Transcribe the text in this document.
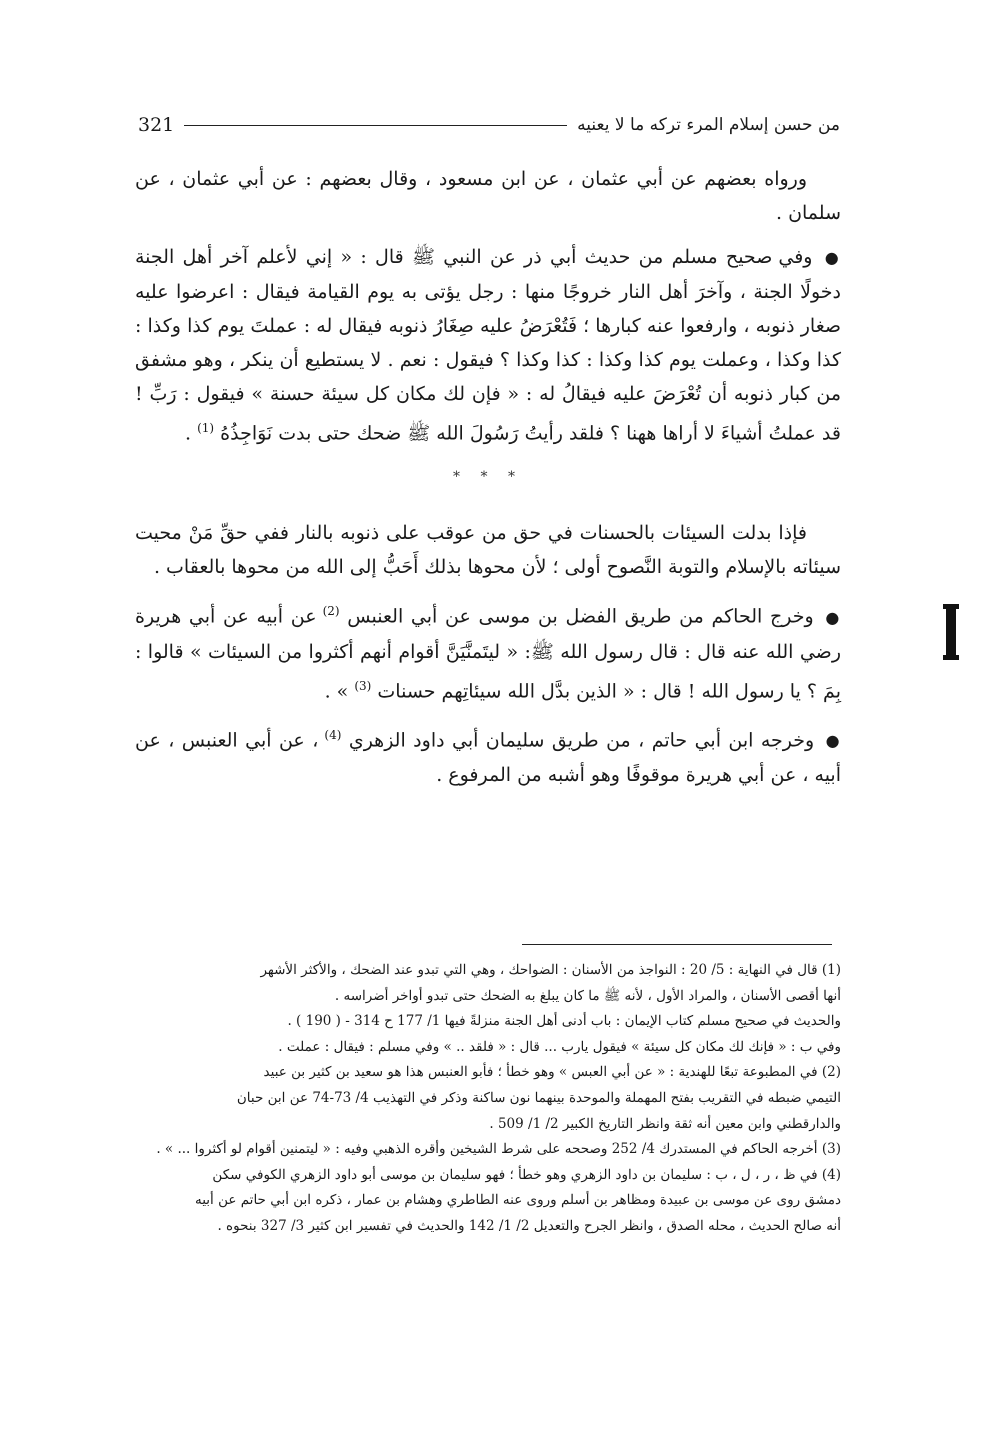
من حسن إسلام المرء تركه ما لا يعنيه
321

ورواه بعضهم عن أبي عثمان ، عن ابن مسعود ، وقال بعضهم : عن أبي عثمان ، عن سلمان .

● وفي صحيح مسلم من حديث أبي ذر عن النبي ﷺ قال : « إني لأعلم آخر أهل الجنة دخولًا الجنة ، وآخرَ أهل النار خروجًا منها : رجل يؤتى به يوم القيامة فيقال : اعرضوا عليه صغار ذنوبه ، وارفعوا عنه كبارها ؛ فَتُعْرَضُ عليه صِغَارُ ذنوبه فيقال له : عملتَ يوم كذا وكذا : كذا وكذا ، وعملت يوم كذا وكذا : كذا وكذا ؟ فيقول : نعم . لا يستطيع أن ينكر ، وهو مشفق من كبار ذنوبه أن تُعْرَضَ عليه فيقالُ له : « فإن لك مكان كل سيئة حسنة » فيقول : رَبِّ ! قد عملتُ أشياءَ لا أراها ههنا ؟ فلقد رأيتُ رَسُولَ الله ﷺ ضحك حتى بدت نَوَاجِذُهُ $^{(1)}$ .

* * *

فإذا بدلت السيئات بالحسنات في حق من عوقب على ذنوبه بالنار ففي حقِّ مَنْ محيت سيئاته بالإسلام والتوبة النَّصوح أولى ؛ لأن محوها بذلك أَحَبُّ إلى الله من محوها بالعقاب .

● وخرج الحاكم من طريق الفضل بن موسى عن أبي العنبس $^{(2)}$ عن أبيه عن أبي هريرة رضي الله عنه قال : قال رسول الله ﷺ: « ليتَمنَّيَنَّ أقوام أنهم أكثروا من السيئات » قالوا : بِمَ ؟ يا رسول الله ! قال : « الذين بدَّل الله سيئاتِهم حسنات $^{(3)}$ » .

● وخرجه ابن أبي حاتم ، من طريق سليمان أبي داود الزهري $^{(4)}$ ، عن أبي العنبس ، عن أبيه ، عن أبي هريرة موقوفًا وهو أشبه من المرفوع .

(1) قال في النهاية : 5/ 20 : النواجذ من الأسنان : الضواحك ، وهي التي تبدو عند الضحك ، والأكثر الأشهر
أنها أقصى الأسنان ، والمراد الأول ، لأنه ﷺ ما كان يبلغ به الضحك حتى تبدو أواخر أضراسه .
والحديث في صحيح مسلم كتاب الإيمان : باب أدنى أهل الجنة منزلةً فيها 1/ 177 ح 314 - ( 190 ) .
وفي ب : « فإنك لك مكان كل سيئة » فيقول يارب ... قال : « فلقد .. » وفي مسلم : فيقال : عملت .
(2) في المطبوعة تبعًا للهندية : « عن أبي العبس » وهو خطأ ؛ فأبو العنبس هذا هو سعيد بن كثير بن عبيد
التيمي ضبطه في التقريب بفتح المهملة والموحدة بينهما نون ساكنة وذكر في التهذيب 4/ 73-74 عن ابن حبان
والدارقطني وابن معين أنه ثقة وانظر التاريخ الكبير 2/ 1/ 509 .
(3) أخرجه الحاكم في المستدرك 4/ 252 وصححه على شرط الشيخين وأقره الذهبي وفيه : « ليتمنين أقوام لو أكثروا ... » .
(4) في ظ ، ر ، ل ، ب : سليمان بن داود الزهري وهو خطأ ؛ فهو سليمان بن موسى أبو داود الزهري الكوفي سكن
دمشق روى عن موسى بن عبيدة ومظاهر بن أسلم وروى عنه الطاطري وهشام بن عمار ، ذكره ابن أبي حاتم عن أبيه
أنه صالح الحديث ، محله الصدق ، وانظر الجرح والتعديل 2/ 1/ 142 والحديث في تفسير ابن كثير 3/ 327 بنحوه .
